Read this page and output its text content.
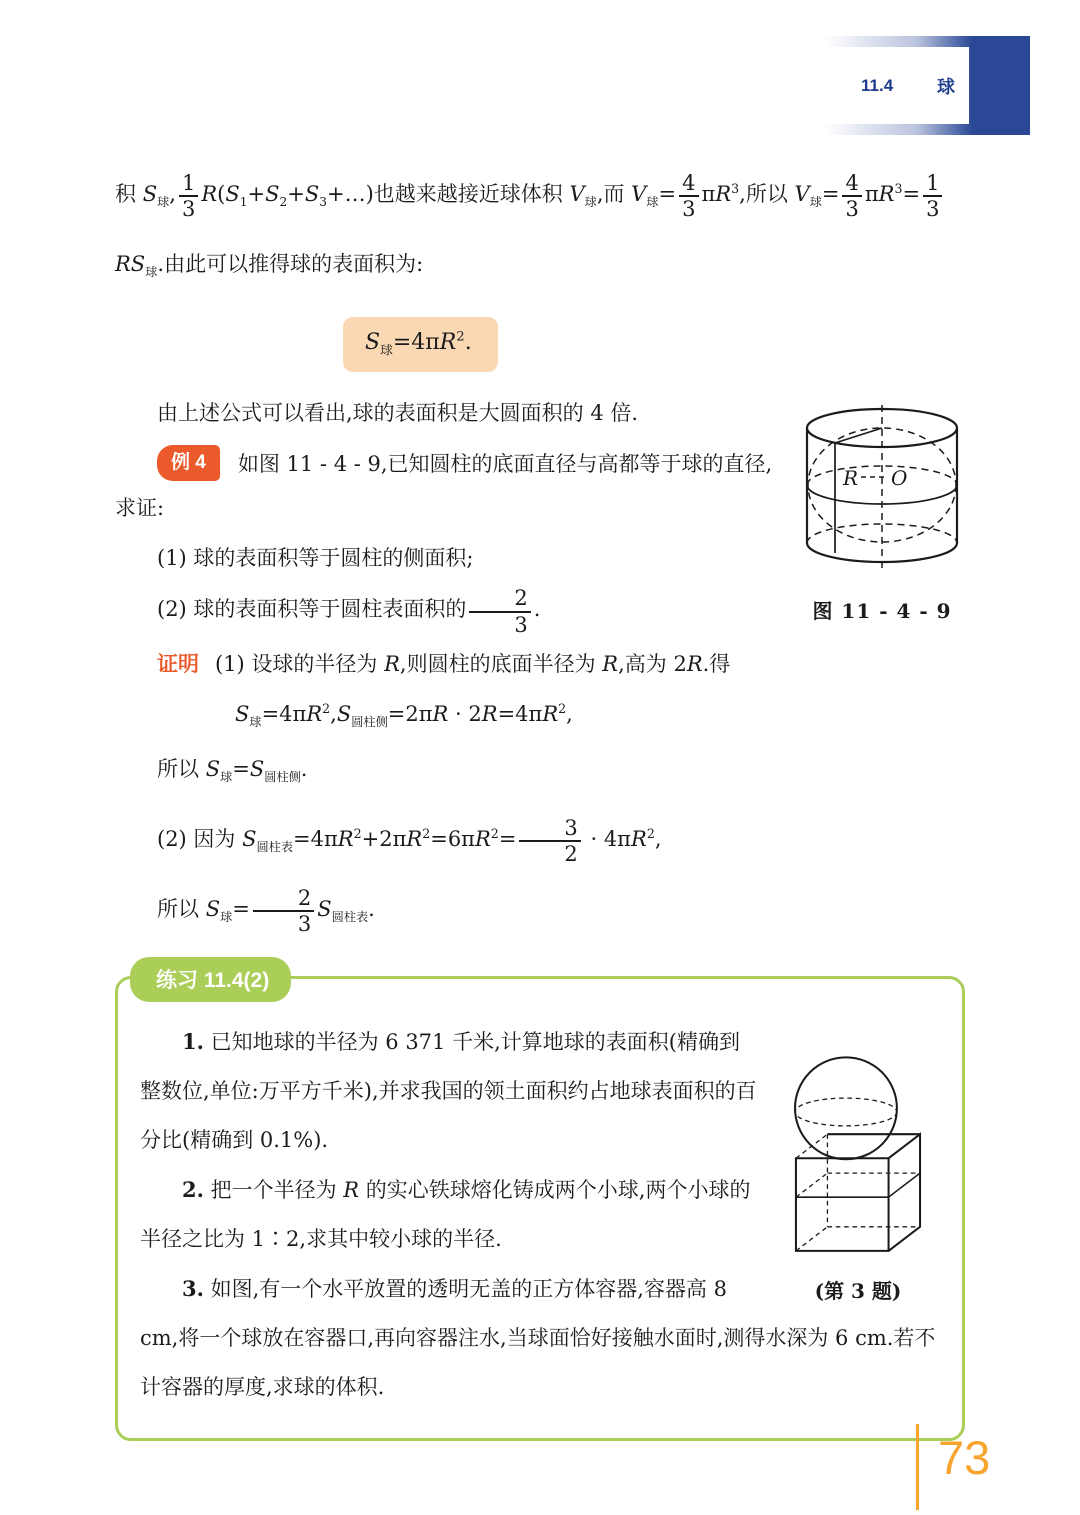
11.4 球

积 $S_球$, $\frac{1}{3}$ $R(S_1+S_2+S_3+\dots)$也越来越接近球体积 $V_球$,而 $V_球= \frac{4}{3} \pi R^3$,所以 $V_球= \frac{4}{3} \pi R^3= \frac{1}{3}$
$RS_球$.由此可以推得球的表面积为:

$S_球=4\pi R^2$.

由上述公式可以看出,球的表面积是大圆面积的 4 倍.

例 4 如图 11 - 4 - 9,已知圆柱的底面直径与高都等于球的直径,求证:

(1) 球的表面积等于圆柱的侧面积;

(2) 球的表面积等于圆柱表面积的 $\frac{2}{3}$ .

证明 (1) 设球的半径为 R,则圆柱的底面半径为 R,高为 2R.得

$S_球=4\pi R^2,S_{圆柱侧}=2\pi R \cdot 2R=4\pi R^2$,

所以 $S_球=S_{圆柱侧}$.

(2) 因为 $S_{圆柱表}=4\pi R^2+2\pi R^2=6\pi R^2= \frac{3}{2} \cdot 4\pi R^2$,

所以 $S_球= \frac{2}{3} S_{圆柱表}$.

练习 11.4(2)
(第 3 题)

1. 已知地球的半径为 6 371 千米,计算地球的表面积(精确到整数位,单位:万平方千米),并求我国的领土面积约占地球表面积的百分比(精确到 0.1%).

2. 把一个半径为 R 的实心铁球熔化铸成两个小球,两个小球的半径之比为 1∶2,求其中较小球的半径.

3. 如图,有一个水平放置的透明无盖的正方体容器,容器高 8 cm,将一个球放在容器口,再向容器注水,当球面恰好接触水面时,测得水深为 6 cm.若不计容器的厚度,求球的体积.

R O
图 11 - 4 - 9
73
